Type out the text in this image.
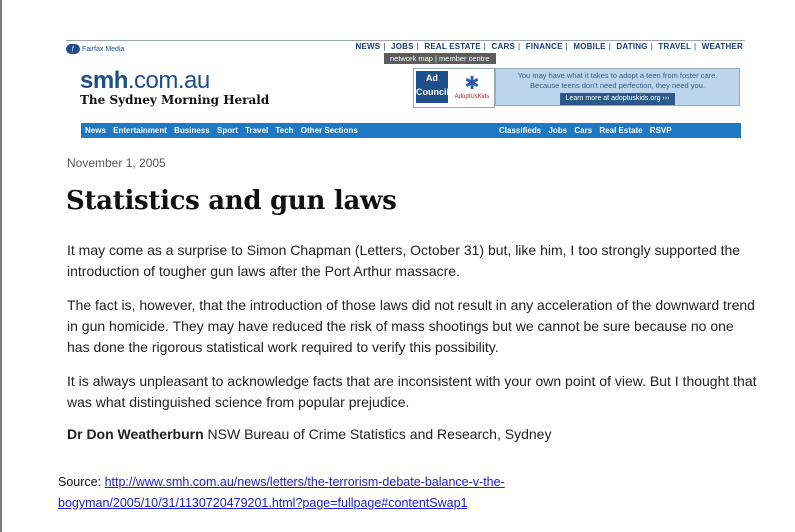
ƒ	Fairfax Media	NEWS | JOBS | REAL ESTATE | CARS | FINANCE | MOBILE | DATING | TRAVEL | WEATHER
network map | member centre
smh.com.au
The Sydney Morning Herald
Ad Council ✱
AdoptUsKids
You may have what it takes to adopt a teen from foster care.
Because teens don't need perfection, they need you.
Learn more at adoptuskids.org ›››
News Entertainment Business Sport Travel Tech Other Sections	Classifieds Jobs Cars Real Estate RSVP
November 1, 2005
Statistics and gun laws

It may come as a surprise to Simon Chapman (Letters, October 31) but, like him, I too strongly supported the introduction of tougher gun laws after the Port Arthur massacre.

The fact is, however, that the introduction of those laws did not result in any acceleration of the downward trend in gun homicide. They may have reduced the risk of mass shootings but we cannot be sure because no one has done the rigorous statistical work required to verify this possibility.

It is always unpleasant to acknowledge facts that are inconsistent with your own point of view. But I thought that was what distinguished science from popular prejudice.

Dr Don Weatherburn NSW Bureau of Crime Statistics and Research, Sydney
Source: http://www.smh.com.au/news/letters/the-terrorism-debate-balance-v-the-
bogyman/2005/10/31/1130720479201.html?page=fullpage#contentSwap1
